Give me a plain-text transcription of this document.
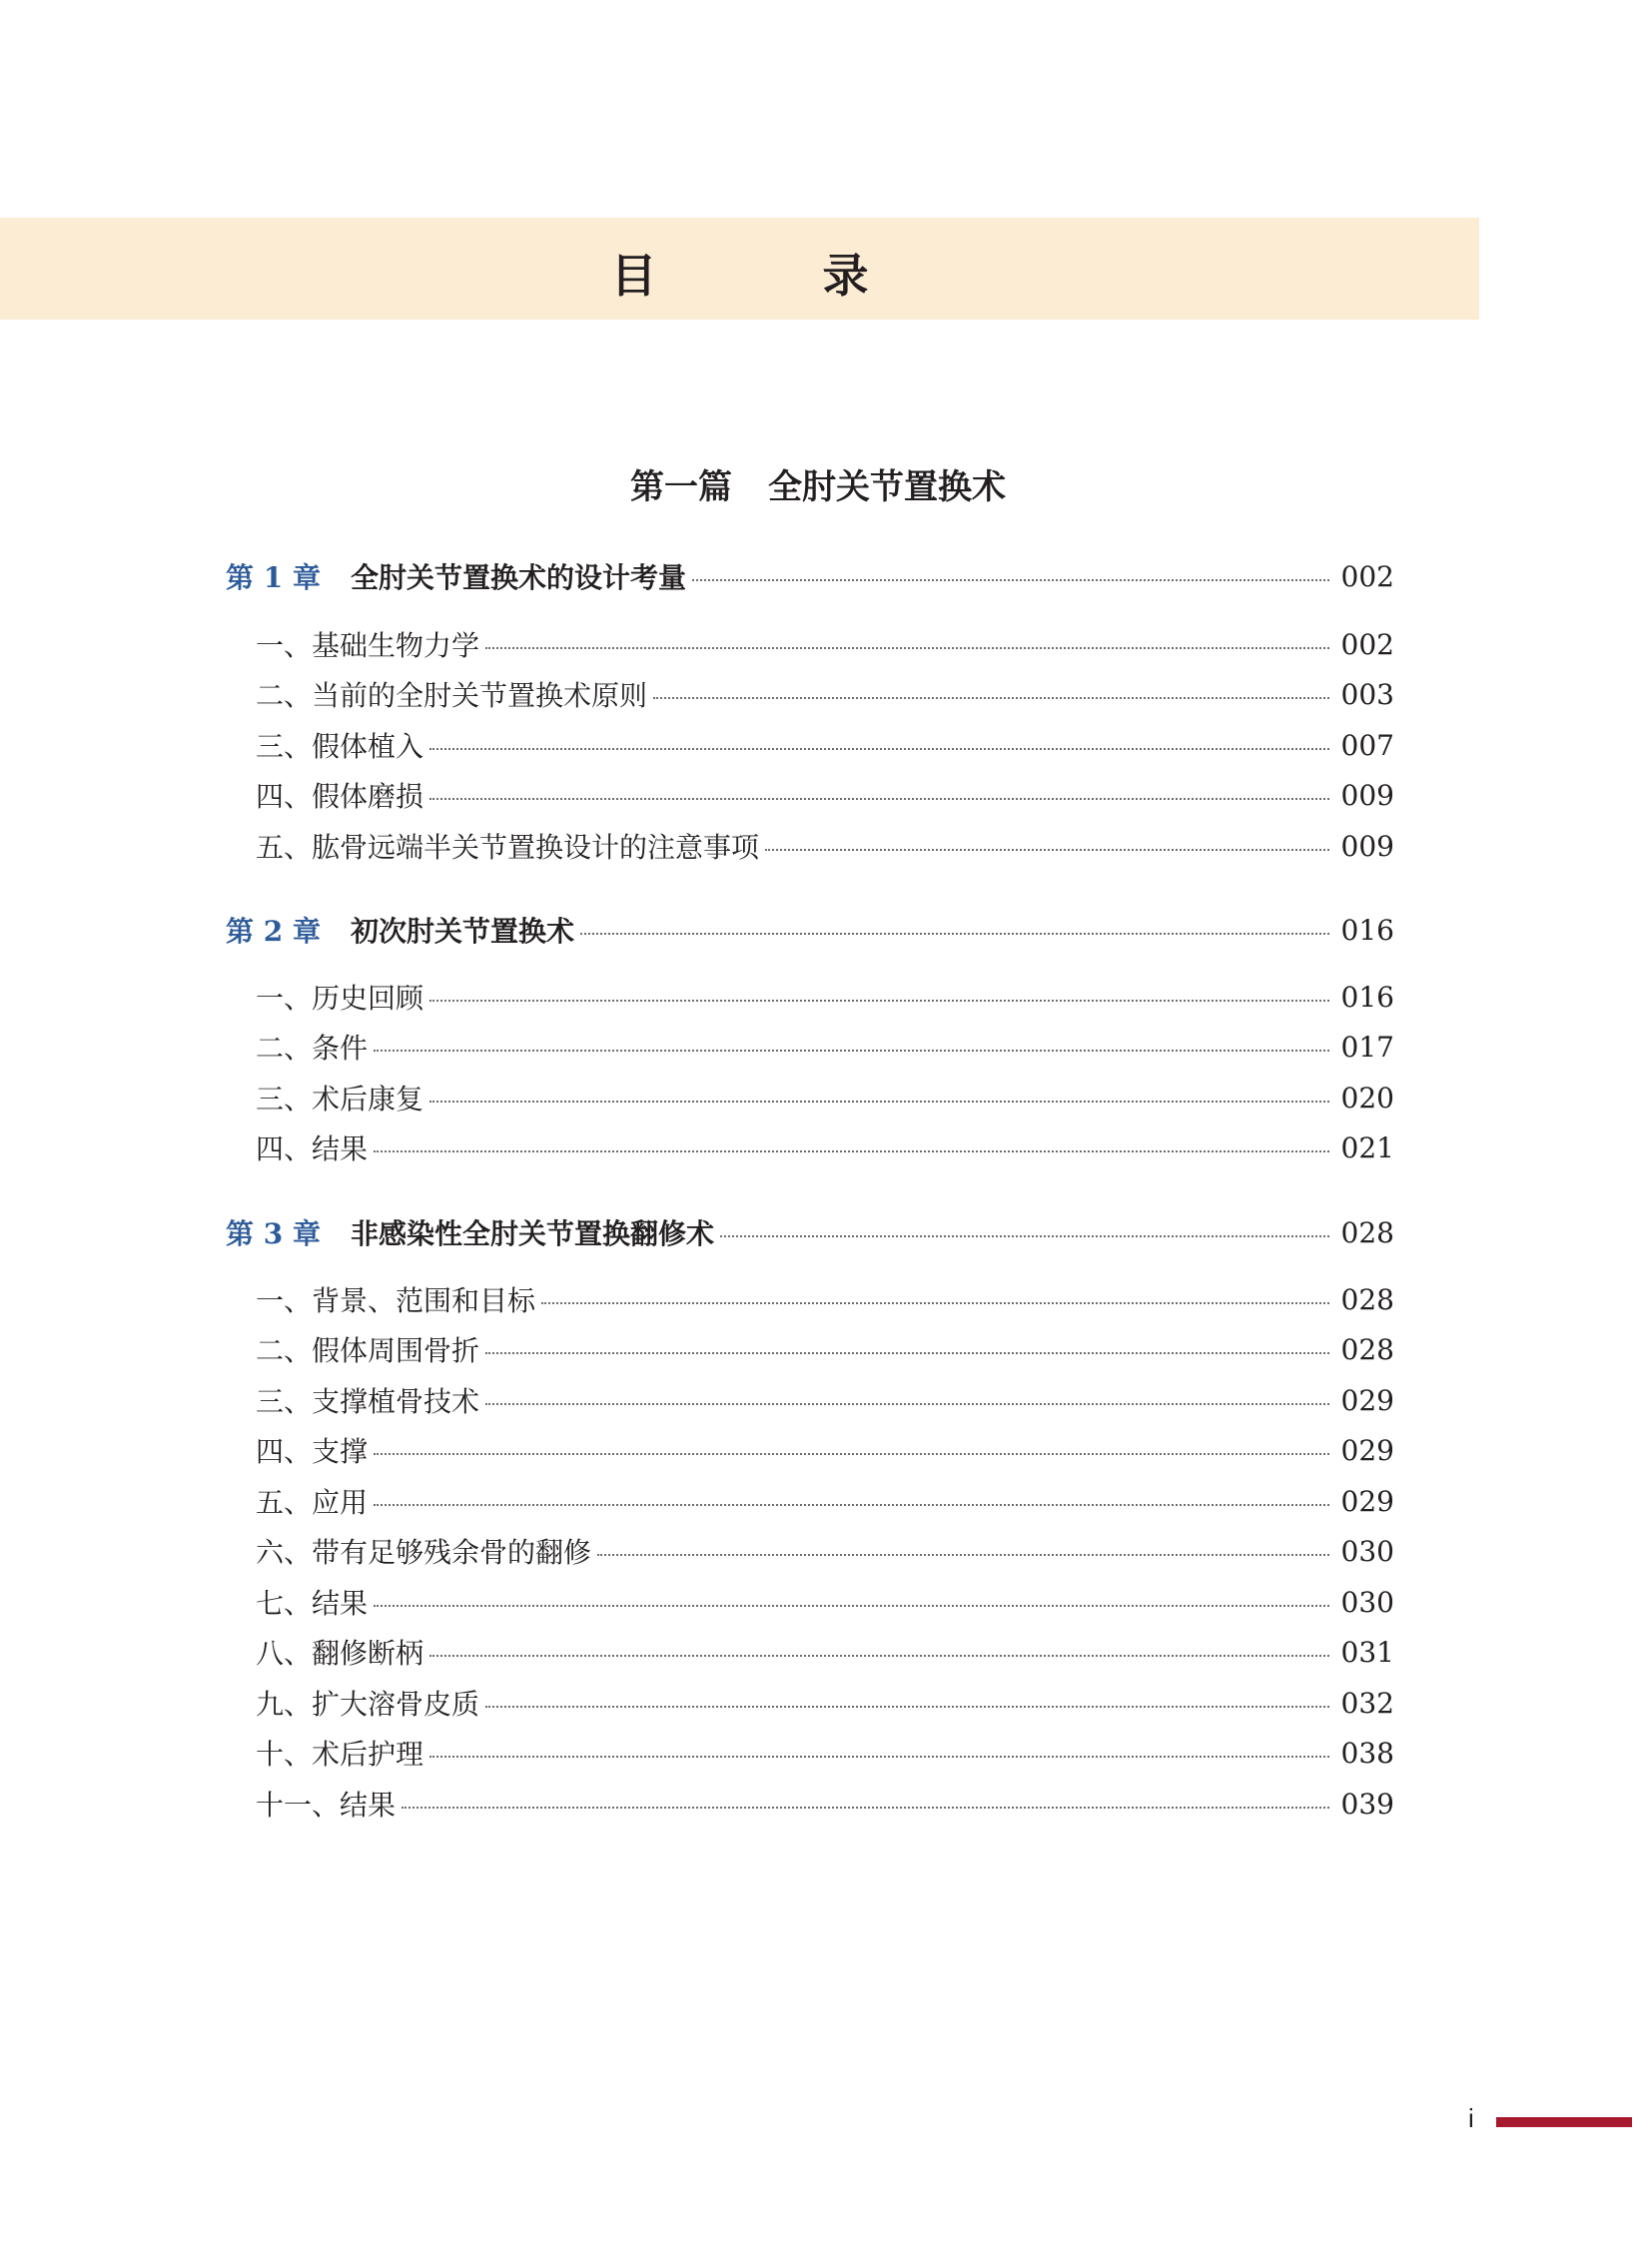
目　录
第一篇 全肘关节置换术
第 1 章 全肘关节置换术的设计考量	002
一、基础生物力学	002
二、当前的全肘关节置换术原则	003
三、假体植入	007
四、假体磨损	009
五、肱骨远端半关节置换设计的注意事项	009
第 2 章 初次肘关节置换术	016
一、历史回顾	016
二、条件	017
三、术后康复	020
四、结果	021
第 3 章 非感染性全肘关节置换翻修术	028
一、背景、范围和目标	028
二、假体周围骨折	028
三、支撑植骨技术	029
四、支撑	029
五、应用	029
六、带有足够残余骨的翻修	030
七、结果	030
八、翻修断柄	031
九、扩大溶骨皮质	032
十、术后护理	038
十一、结果	039
i
